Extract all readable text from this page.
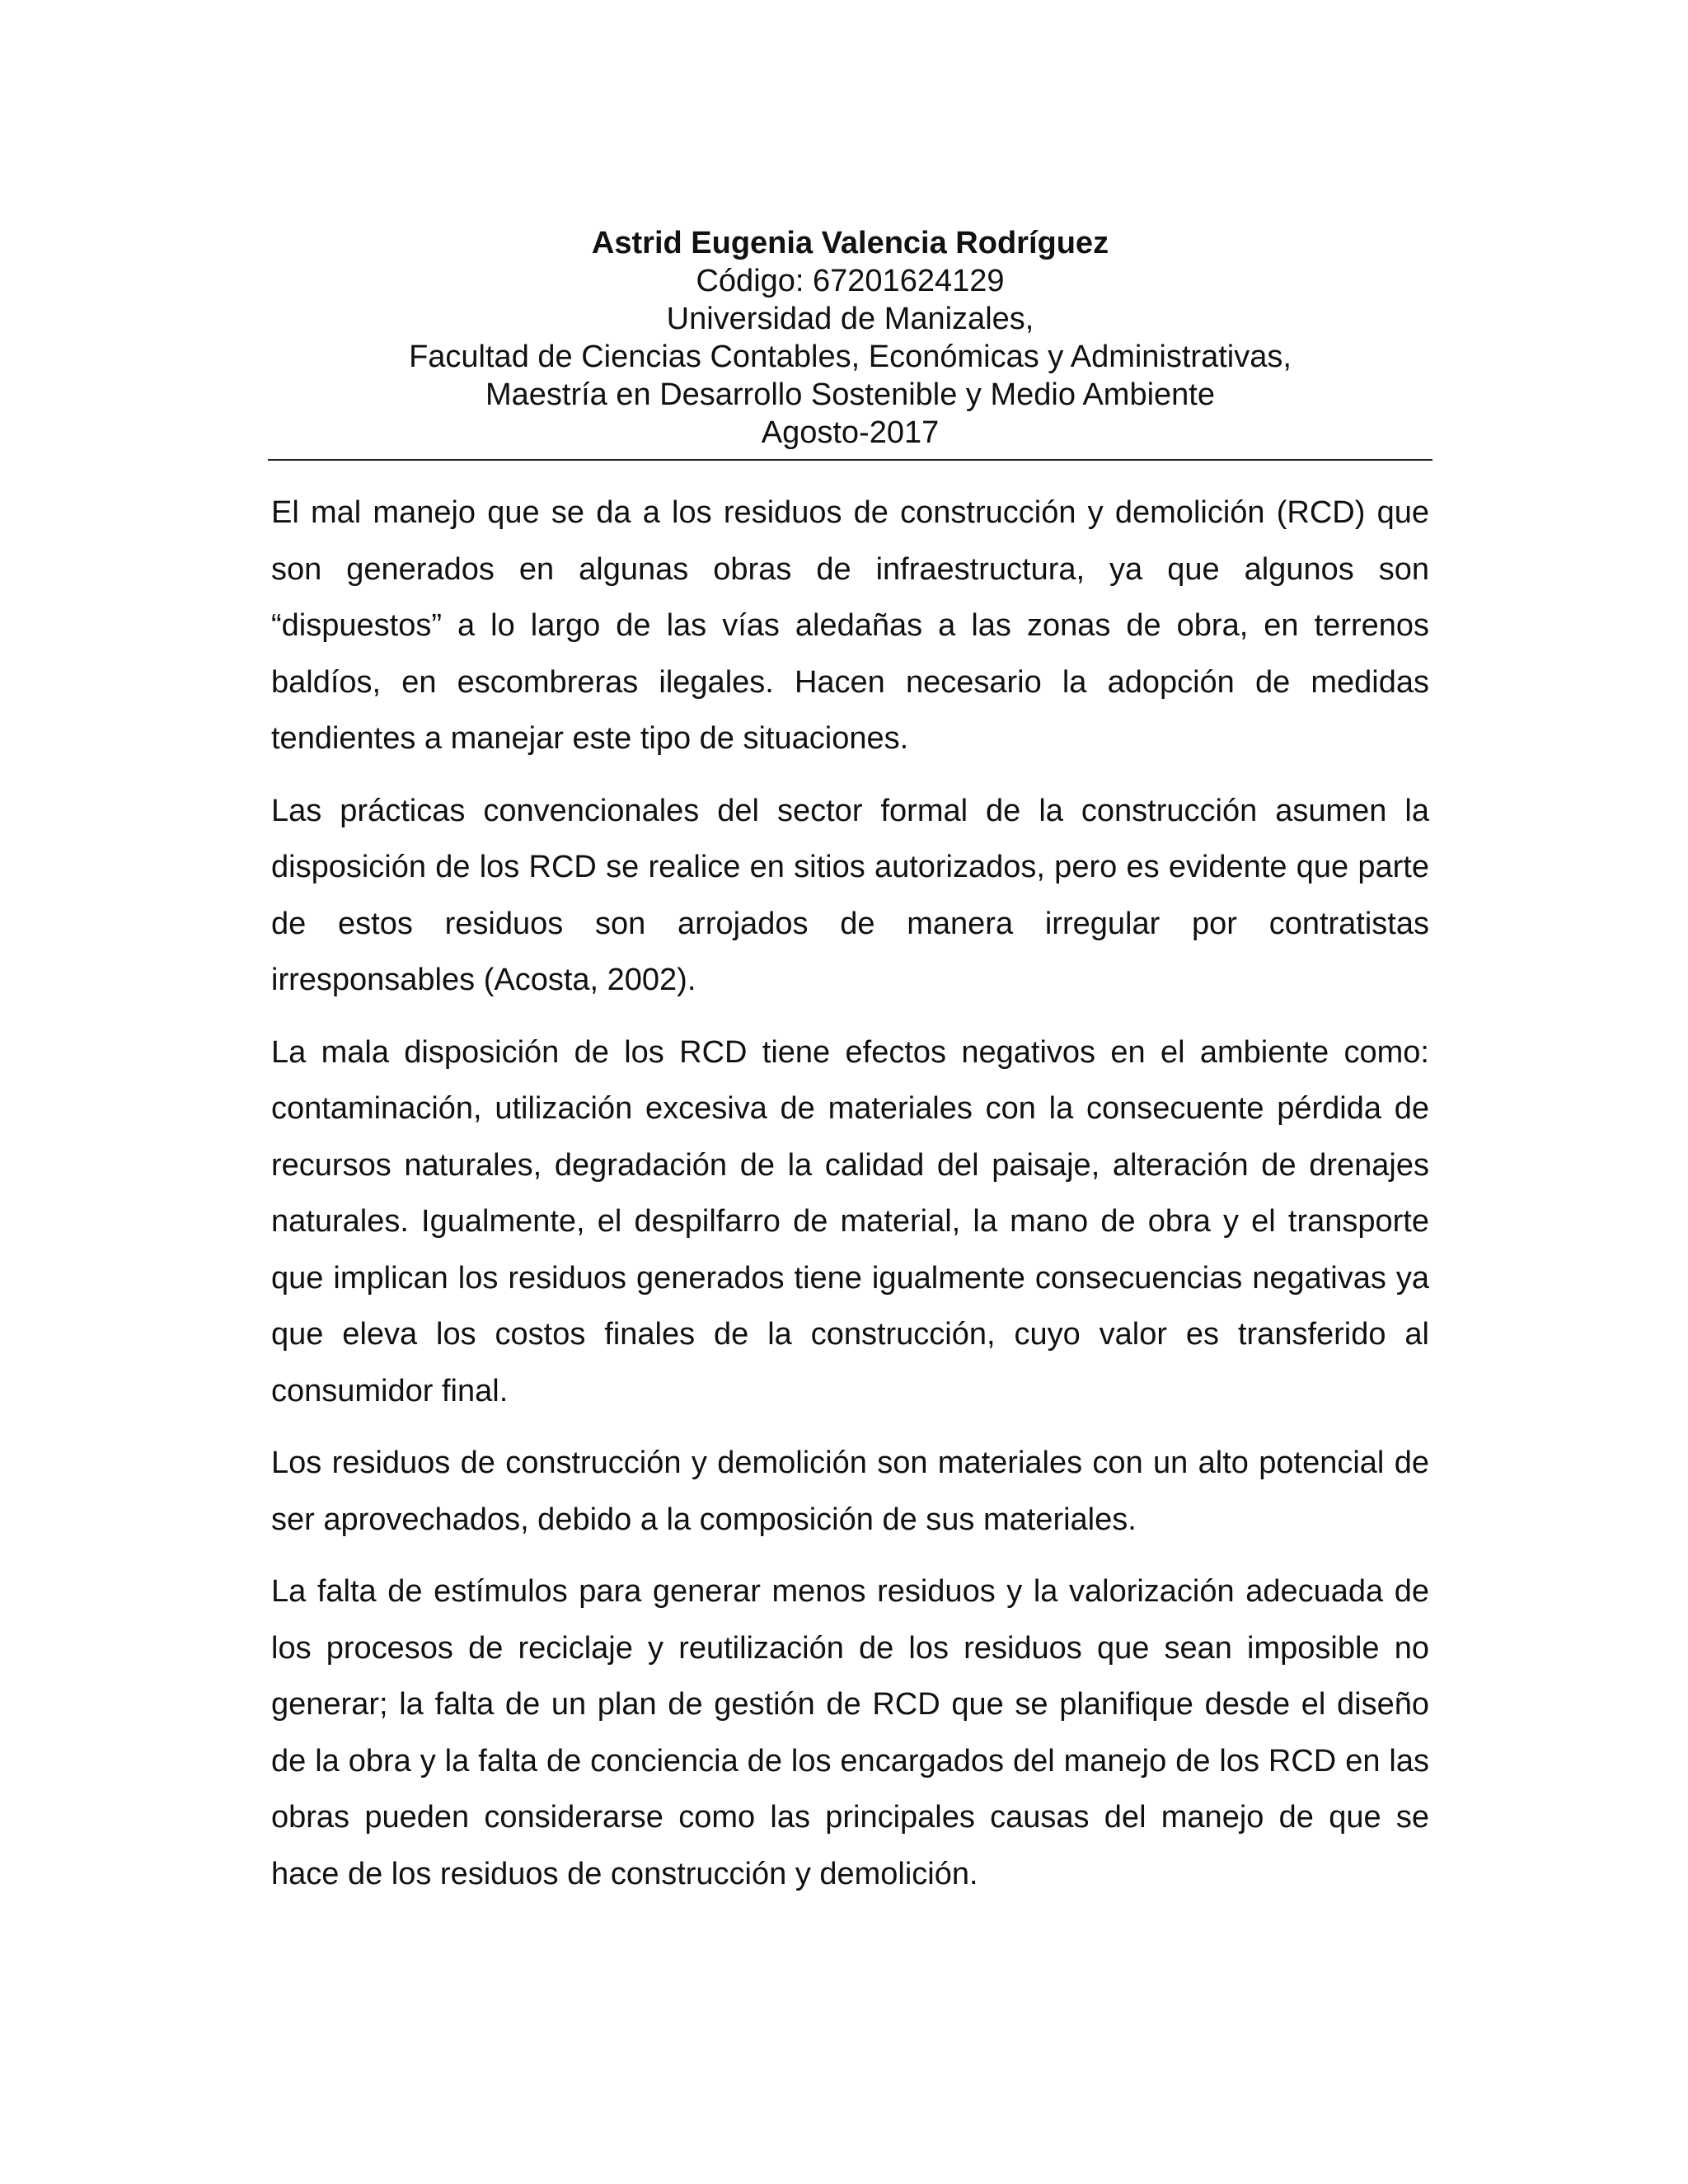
Astrid Eugenia Valencia Rodríguez
Código: 67201624129
Universidad de Manizales,
Facultad de Ciencias Contables, Económicas y Administrativas,
Maestría en Desarrollo Sostenible y Medio Ambiente
Agosto-2017

El mal manejo que se da a los residuos de construcción y demolición (RCD) que son generados en algunas obras de infraestructura, ya que algunos son “dispuestos” a lo largo de las vías aledañas a las zonas de obra, en terrenos baldíos, en escombreras ilegales. Hacen necesario la adopción de medidas tendientes a manejar este tipo de situaciones.

Las prácticas convencionales del sector formal de la construcción asumen la disposición de los RCD se realice en sitios autorizados, pero es evidente que parte de estos residuos son arrojados de manera irregular por contratistas irresponsables (Acosta, 2002).

La mala disposición de los RCD tiene efectos negativos en el ambiente como: contaminación, utilización excesiva de materiales con la consecuente pérdida de recursos naturales, degradación de la calidad del paisaje, alteración de drenajes naturales. Igualmente, el despilfarro de material, la mano de obra y el transporte que implican los residuos generados tiene igualmente consecuencias negativas ya que eleva los costos finales de la construcción, cuyo valor es transferido al consumidor final.

Los residuos de construcción y demolición son materiales con un alto potencial de ser aprovechados, debido a la composición de sus materiales.

La falta de estímulos para generar menos residuos y la valorización adecuada de los procesos de reciclaje y reutilización de los residuos que sean imposible no generar; la falta de un plan de gestión de RCD que se planifique desde el diseño de la obra y la falta de conciencia de los encargados del manejo de los RCD en las obras pueden considerarse como las principales causas del manejo de que se hace de los residuos de construcción y demolición.
